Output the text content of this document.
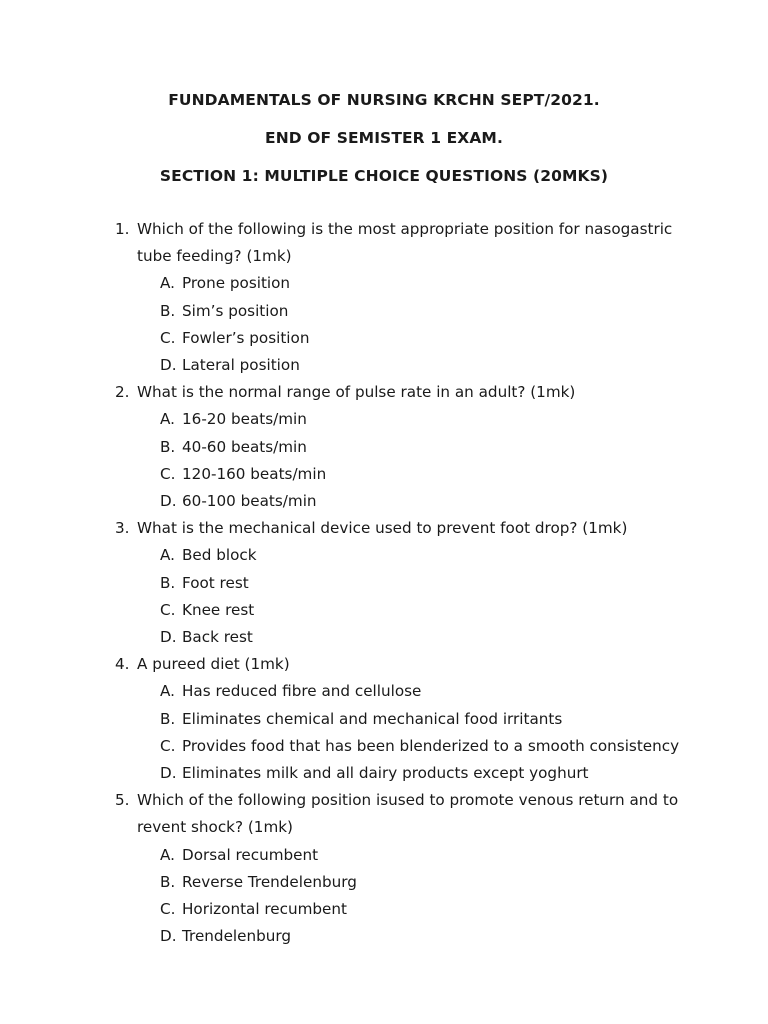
FUNDAMENTALS OF NURSING KRCHN SEPT/2021.
END OF SEMISTER 1 EXAM.
SECTION 1: MULTIPLE CHOICE QUESTIONS (20MKS)
1. Which of the following is the most appropriate position for nasogastric tube feeding? (1mk)
A. Prone position
B. Sim’s position
C. Fowler’s position
D. Lateral position
2. What is the normal range of pulse rate in an adult? (1mk)
A. 16-20 beats/min
B. 40-60 beats/min
C. 120-160 beats/min
D. 60-100 beats/min
3. What is the mechanical device used to prevent foot drop? (1mk)
A. Bed block
B. Foot rest
C. Knee rest
D. Back rest
4. A pureed diet (1mk)
A. Has reduced fibre and cellulose
B. Eliminates chemical and mechanical food irritants
C. Provides food that has been blenderized to a smooth consistency
D. Eliminates milk and all dairy products except yoghurt
5. Which of the following position isused to promote venous return and to revent shock? (1mk)
A. Dorsal recumbent
B. Reverse Trendelenburg
C. Horizontal recumbent
D. Trendelenburg
